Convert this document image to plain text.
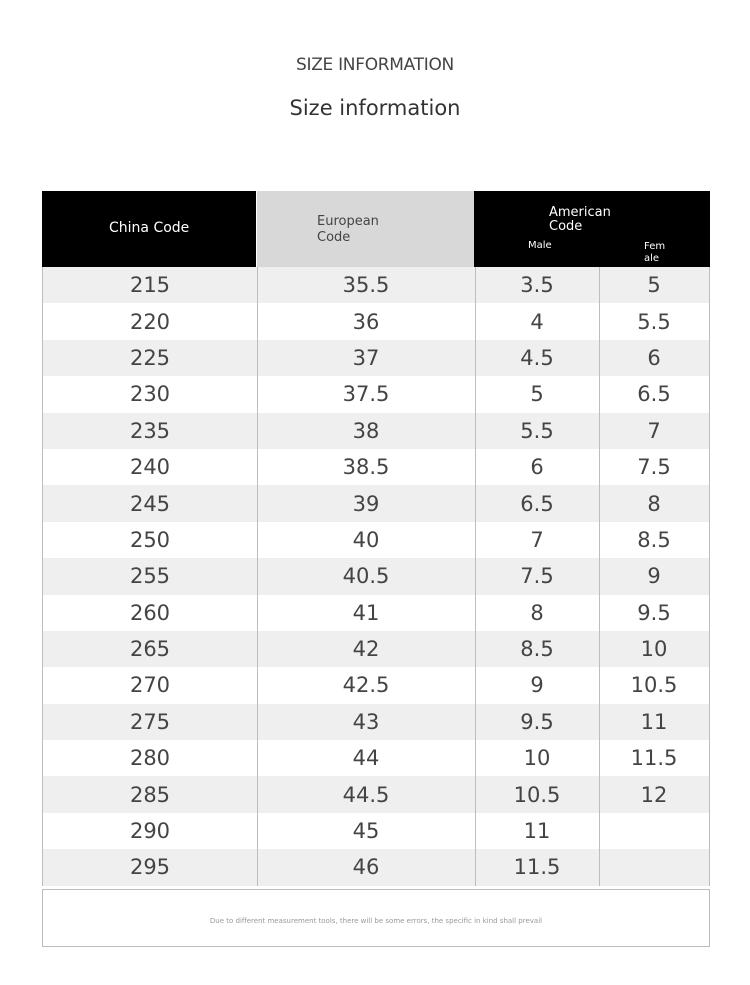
SIZE INFORMATION
Size information
China Code	European Code
American Code
Male	Female
215	35.5	3.5	5
220	36	4	5.5
225	37	4.5	6
230	37.5	5	6.5
235	38	5.5	7
240	38.5	6	7.5
245	39	6.5	8
250	40	7	8.5
255	40.5	7.5	9
260	41	8	9.5
265	42	8.5	10
270	42.5	9	10.5
275	43	9.5	11
280	44	10	11.5
285	44.5	10.5	12
290	45	11
295	46	11.5
Due to different measurement tools, there will be some errors, the specific in kind shall prevail
